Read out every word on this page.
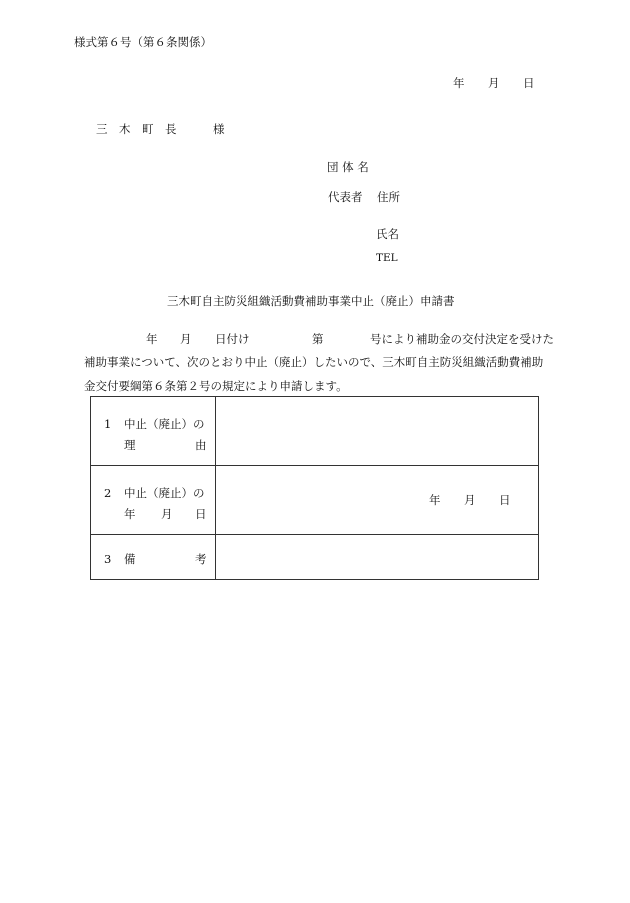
様式第６号（第６条関係）
年 月 日
三　木　町　長	様
団 体 名
代表者 住所
氏名
TEL
三木町自主防災組織活動費補助事業中止（廃止）申請書
年 月 日付け	第	号により補助金の交付決定を受けた
補助事業について、次のとおり中止（廃止）したいので、三木町自主防災組織活動費補助
金交付要綱第６条第２号の規定により申請します。
1 中止（廃止）の
理 由	

2 中止（廃止）の
年 月 日	年 月 日

3 備 考	
